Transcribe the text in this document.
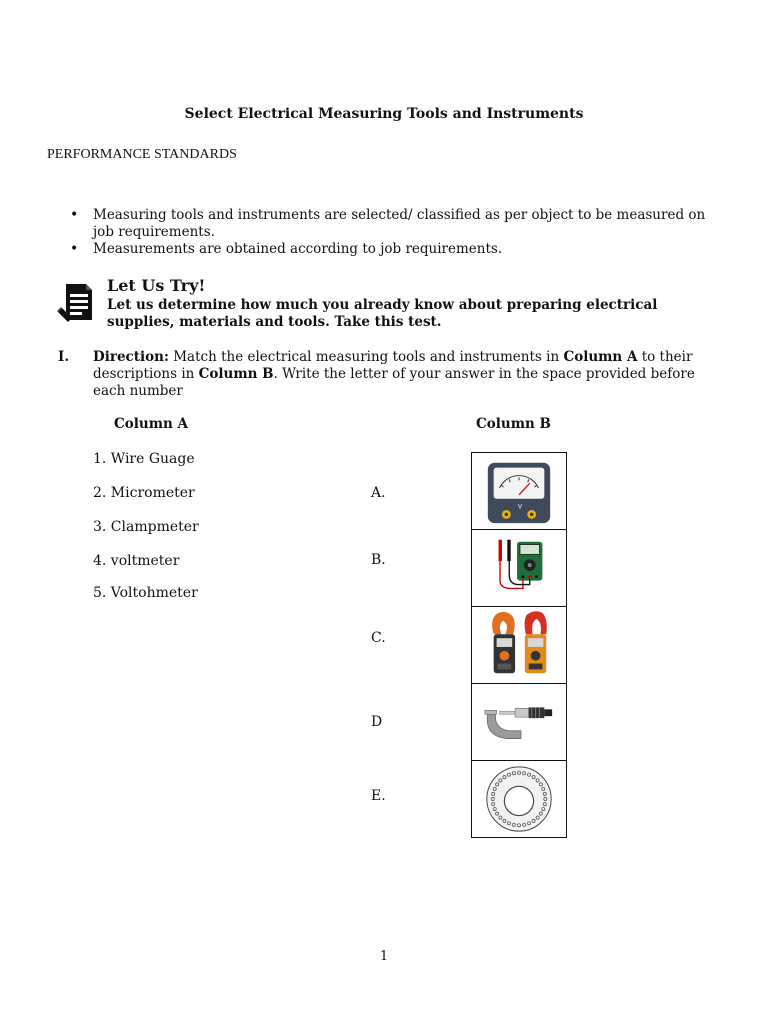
Select Electrical Measuring Tools and Instruments
PERFORMANCE STANDARDS
• Measuring tools and instruments are selected/ classified as per object to be measured on job requirements.
• Measurements are obtained according to job requirements.
Let Us Try!
Let us determine how much you already know about preparing electrical supplies, materials and tools. Take this test.
I. Direction: Match the electrical measuring tools and instruments in Column A to their descriptions in Column B. Write the letter of your answer in the space provided before each number
Column A	Column B
1. Wire Guage
2. Micrometer
3. Clampmeter
4. voltmeter
5. Voltohmeter
A.
B.
C.
D
E.
V
1
